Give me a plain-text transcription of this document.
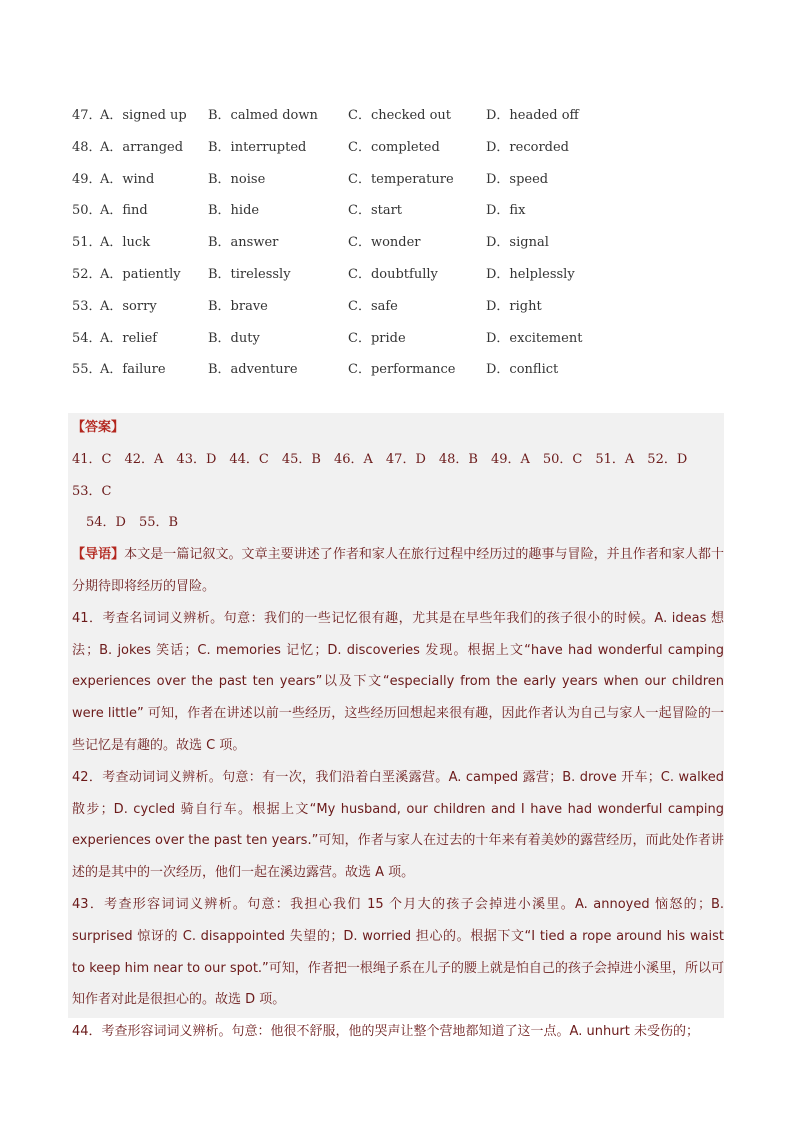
47．
A．signed up	B．calmed down	C．checked out	D．headed off
48．
A．arranged	B．interrupted	C．completed	D．recorded
49．
A．wind	B．noise	C．temperature	D．speed
50．
A．find	B．hide	C．start	D．fix
51．
A．luck	B．answer	C．wonder	D．signal
52．
A．patiently	B．tirelessly	C．doubtfully	D．helplessly
53．
A．sorry	B．brave	C．safe	D．right
54．
A．relief	B．duty	C．pride	D．excitement
55．
A．failure	B．adventure	C．performance	D．conflict

【答案】

41．C　42．A　43．D　44．C　45．B　46．A　47．D　48．B　49．A　50．C　51．A　52．D　53．C

54．D　55．B

【导语】本文是一篇记叙文。文章主要讲述了作者和家人在旅行过程中经历过的趣事与冒险，并且作者和家人都十分期待即将经历的冒险。

41．考查名词词义辨析。句意：我们的一些记忆很有趣，尤其是在早些年我们的孩子很小的时候。A. ideas 想法；B. jokes 笑话；C. memories 记忆；D. discoveries 发现。根据上文“have had wonderful camping experiences over the past ten years”以及下文“especially from the early years when our children were little” 可知，作者在讲述以前一些经历，这些经历回想起来很有趣，因此作者认为自己与家人一起冒险的一些记忆是有趣的。故选 C 项。

42．考查动词词义辨析。句意：有一次，我们沿着白垩溪露营。A. camped 露营；B. drove 开车；C. walked 散步；D. cycled 骑自行车。根据上文“My husband, our children and I have had wonderful camping experiences over the past ten years.”可知，作者与家人在过去的十年来有着美妙的露营经历，而此处作者讲述的是其中的一次经历，他们一起在溪边露营。故选 A 项。

43．考查形容词词义辨析。句意：我担心我们 15 个月大的孩子会掉进小溪里。A. annoyed 恼怒的；B. surprised 惊讶的 C. disappointed 失望的；D. worried 担心的。根据下文“I tied a rope around his waist to keep him near to our spot.”可知，作者把一根绳子系在儿子的腰上就是怕自己的孩子会掉进小溪里，所以可知作者对此是很担心的。故选 D 项。

44．考查形容词词义辨析。句意：他很不舒服，他的哭声让整个营地都知道了这一点。A. unhurt 未受伤的；
